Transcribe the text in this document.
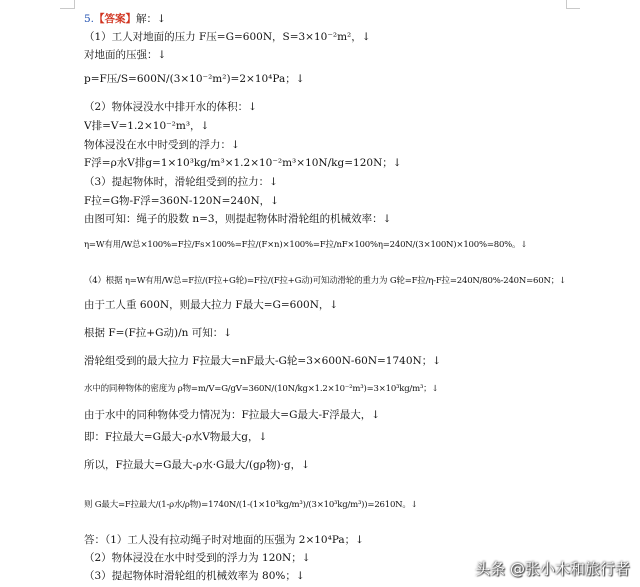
5.【答案】解：↓
（1）工人对地面的压力 F压=G=600N，S=3×10⁻²m²，↓
对地面的压强：↓
p=F压/S=600N/(3×10⁻²m²)=2×10⁴Pa；↓
（2）物体浸没水中排开水的体积：↓
V排=V=1.2×10⁻²m³，↓
物体浸没在水中时受到的浮力：↓
F浮=ρ水V排g=1×10³kg/m³×1.2×10⁻²m³×10N/kg=120N；↓
（3）提起物体时，滑轮组受到的拉力：↓
F拉=G物-F浮=360N-120N=240N，↓
由图可知：绳子的股数 n=3，则提起物体时滑轮组的机械效率：↓
η=W有用/W总×100%=F拉/Fs×100%=F拉/(F×n)×100%=F拉/nF×100%η=240N/(3×100N)×100%=80%。↓
（4）根据 η=W有用/W总=F拉/(F拉+G轮)=F拉/(F拉+G动)可知动滑轮的重力为 G轮=F拉/η-F拉=240N/80%-240N=60N；↓
由于工人重 600N，则最大拉力 F最大=G=600N，↓
根据 F=(F拉+G动)/n 可知：↓
滑轮组受到的最大拉力 F拉最大=nF最大-G轮=3×600N-60N=1740N；↓
水中的同种物体的密度为 ρ物=m/V=G/gV=360N/(10N/kg×1.2×10⁻²m³)=3×10³kg/m³；↓
由于水中的同种物体受力情况为：F拉最大=G最大-F浮最大，↓
即：F拉最大=G最大-ρ水V物最大g，↓
所以，F拉最大=G最大-ρ水·G最大/(gρ物)·g，↓
则 G最大=F拉最大/(1-ρ水/ρ物)=1740N/(1-(1×10³kg/m³)/(3×10³kg/m³))=2610N。↓
答：（1）工人没有拉动绳子时对地面的压强为 2×10⁴Pa；↓
（2）物体浸没在水中时受到的浮力为 120N；↓
（3）提起物体时滑轮组的机械效率为 80%；↓	头条 @张小木和旅行者
